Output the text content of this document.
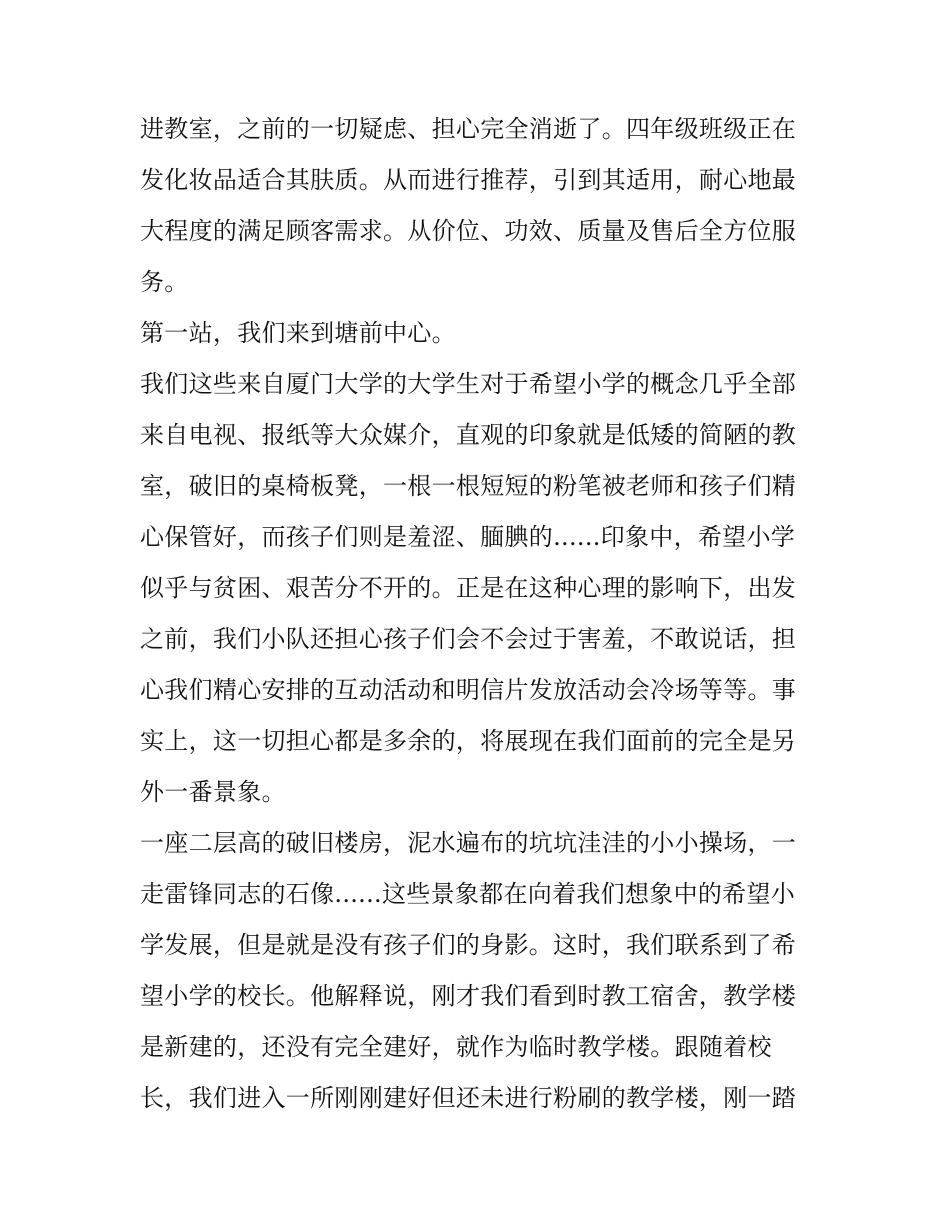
进教室，之前的一切疑虑、担心完全消逝了。四年级班级正在
发化妆品适合其肤质。从而进行推荐，引到其适用，耐心地最
大程度的满足顾客需求。从价位、功效、质量及售后全方位服
务。
第一站，我们来到塘前中心。
我们这些来自厦门大学的大学生对于希望小学的概念几乎全部
来自电视、报纸等大众媒介，直观的印象就是低矮的简陋的教
室，破旧的桌椅板凳，一根一根短短的粉笔被老师和孩子们精
心保管好，而孩子们则是羞涩、腼腆的......印象中，希望小学
似乎与贫困、艰苦分不开的。正是在这种心理的影响下，出发
之前，我们小队还担心孩子们会不会过于害羞，不敢说话，担
心我们精心安排的互动活动和明信片发放活动会冷场等等。事
实上，这一切担心都是多余的，将展现在我们面前的完全是另
外一番景象。
一座二层高的破旧楼房，泥水遍布的坑坑洼洼的小小操场，一
走雷锋同志的石像......这些景象都在向着我们想象中的希望小
学发展，但是就是没有孩子们的身影。这时，我们联系到了希
望小学的校长。他解释说，刚才我们看到时教工宿舍，教学楼
是新建的，还没有完全建好，就作为临时教学楼。跟随着校
长，我们进入一所刚刚建好但还未进行粉刷的教学楼，刚一踏
